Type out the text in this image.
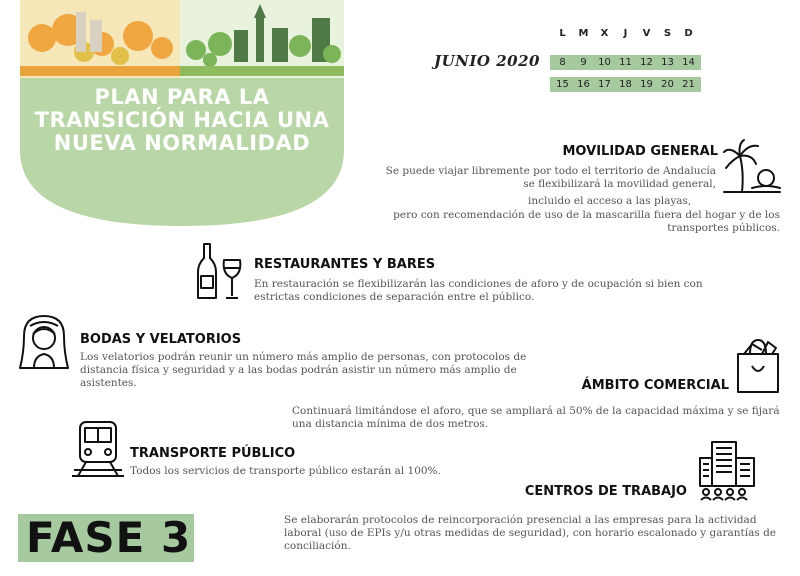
PLAN PARA LA
TRANSICIÓN HACIA UNA
NUEVA NORMALIDAD
JUNIO 2020
L	M	X	J	V	S	D
8	9	10 11 12 13 14
15 16 17 18 19 20 21
MOVILIDAD GENERAL
Se puede viajar libremente por todo el territorio de Andalucía
se flexibilizará la movilidad general,
incluido el acceso a las playas,
pero con recomendación de uso de la mascarilla fuera del hogar y de los
transportes públicos.
RESTAURANTES Y BARES
En restauración se flexibilizarán las condiciones de aforo y de ocupación si bien con
estrictas condiciones de separación entre el público.
BODAS Y VELATORIOS
Los velatorios podrán reunir un número más amplio de personas, con protocolos de
distancia física y seguridad y a las bodas podrán asistir un número más amplio de
asistentes.	ÁMBITO COMERCIAL
Continuará limitándose el aforo, que se ampliará al 50% de la capacidad máxima y se fijará
una distancia mínima de dos metros.
TRANSPORTE PÚBLICO
Todos los servicios de transporte público estarán al 100%.
CENTROS DE TRABAJO
Se elaborarán protocolos de reincorporación presencial a las empresas para la actividad
laboral (uso de EPIs y/u otras medidas de seguridad), con horario escalonado y garantías de
conciliación.
FASE 3
